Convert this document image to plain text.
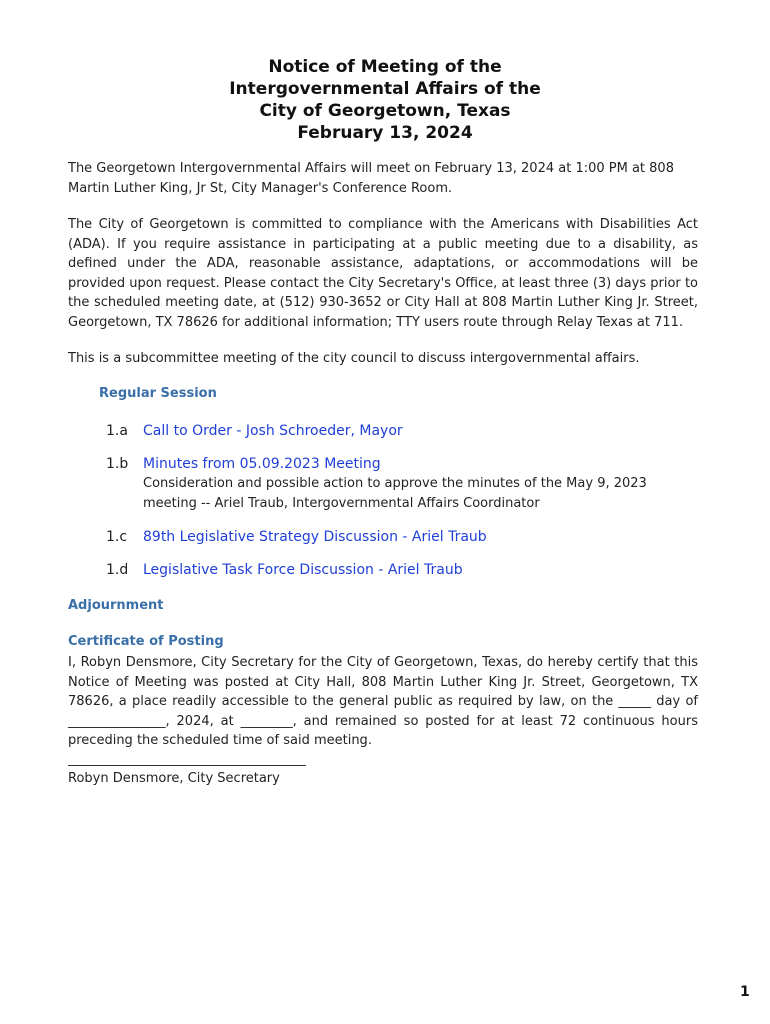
Notice of Meeting of the
Intergovernmental Affairs of the
City of Georgetown, Texas
February 13, 2024
The Georgetown Intergovernmental Affairs will meet on February 13, 2024 at 1:00 PM at 808 Martin Luther King, Jr St, City Manager's Conference Room.
The City of Georgetown is committed to compliance with the Americans with Disabilities Act (ADA). If you require assistance in participating at a public meeting due to a disability, as defined under the ADA, reasonable assistance, adaptations, or accommodations will be provided upon request. Please contact the City Secretary's Office, at least three (3) days prior to the scheduled meeting date, at (512) 930-3652 or City Hall at 808 Martin Luther King Jr. Street, Georgetown, TX 78626 for additional information; TTY users route through Relay Texas at 711.
This is a subcommittee meeting of the city council to discuss intergovernmental affairs.
Regular Session
1.a Call to Order - Josh Schroeder, Mayor
1.b Minutes from 05.09.2023 Meeting
Consideration and possible action to approve the minutes of the May 9, 2023 meeting -- Ariel Traub, Intergovernmental Affairs Coordinator
1.c 89th Legislative Strategy Discussion - Ariel Traub
1.d Legislative Task Force Discussion - Ariel Traub
Adjournment
Certificate of Posting
I, Robyn Densmore, City Secretary for the City of Georgetown, Texas, do hereby certify that this Notice of Meeting was posted at City Hall, 808 Martin Luther King Jr. Street, Georgetown, TX 78626, a place readily accessible to the general public as required by law, on the _____ day of _______________, 2024, at ________, and remained so posted for at least 72 continuous hours preceding the scheduled time of said meeting.
Robyn Densmore, City Secretary
1
